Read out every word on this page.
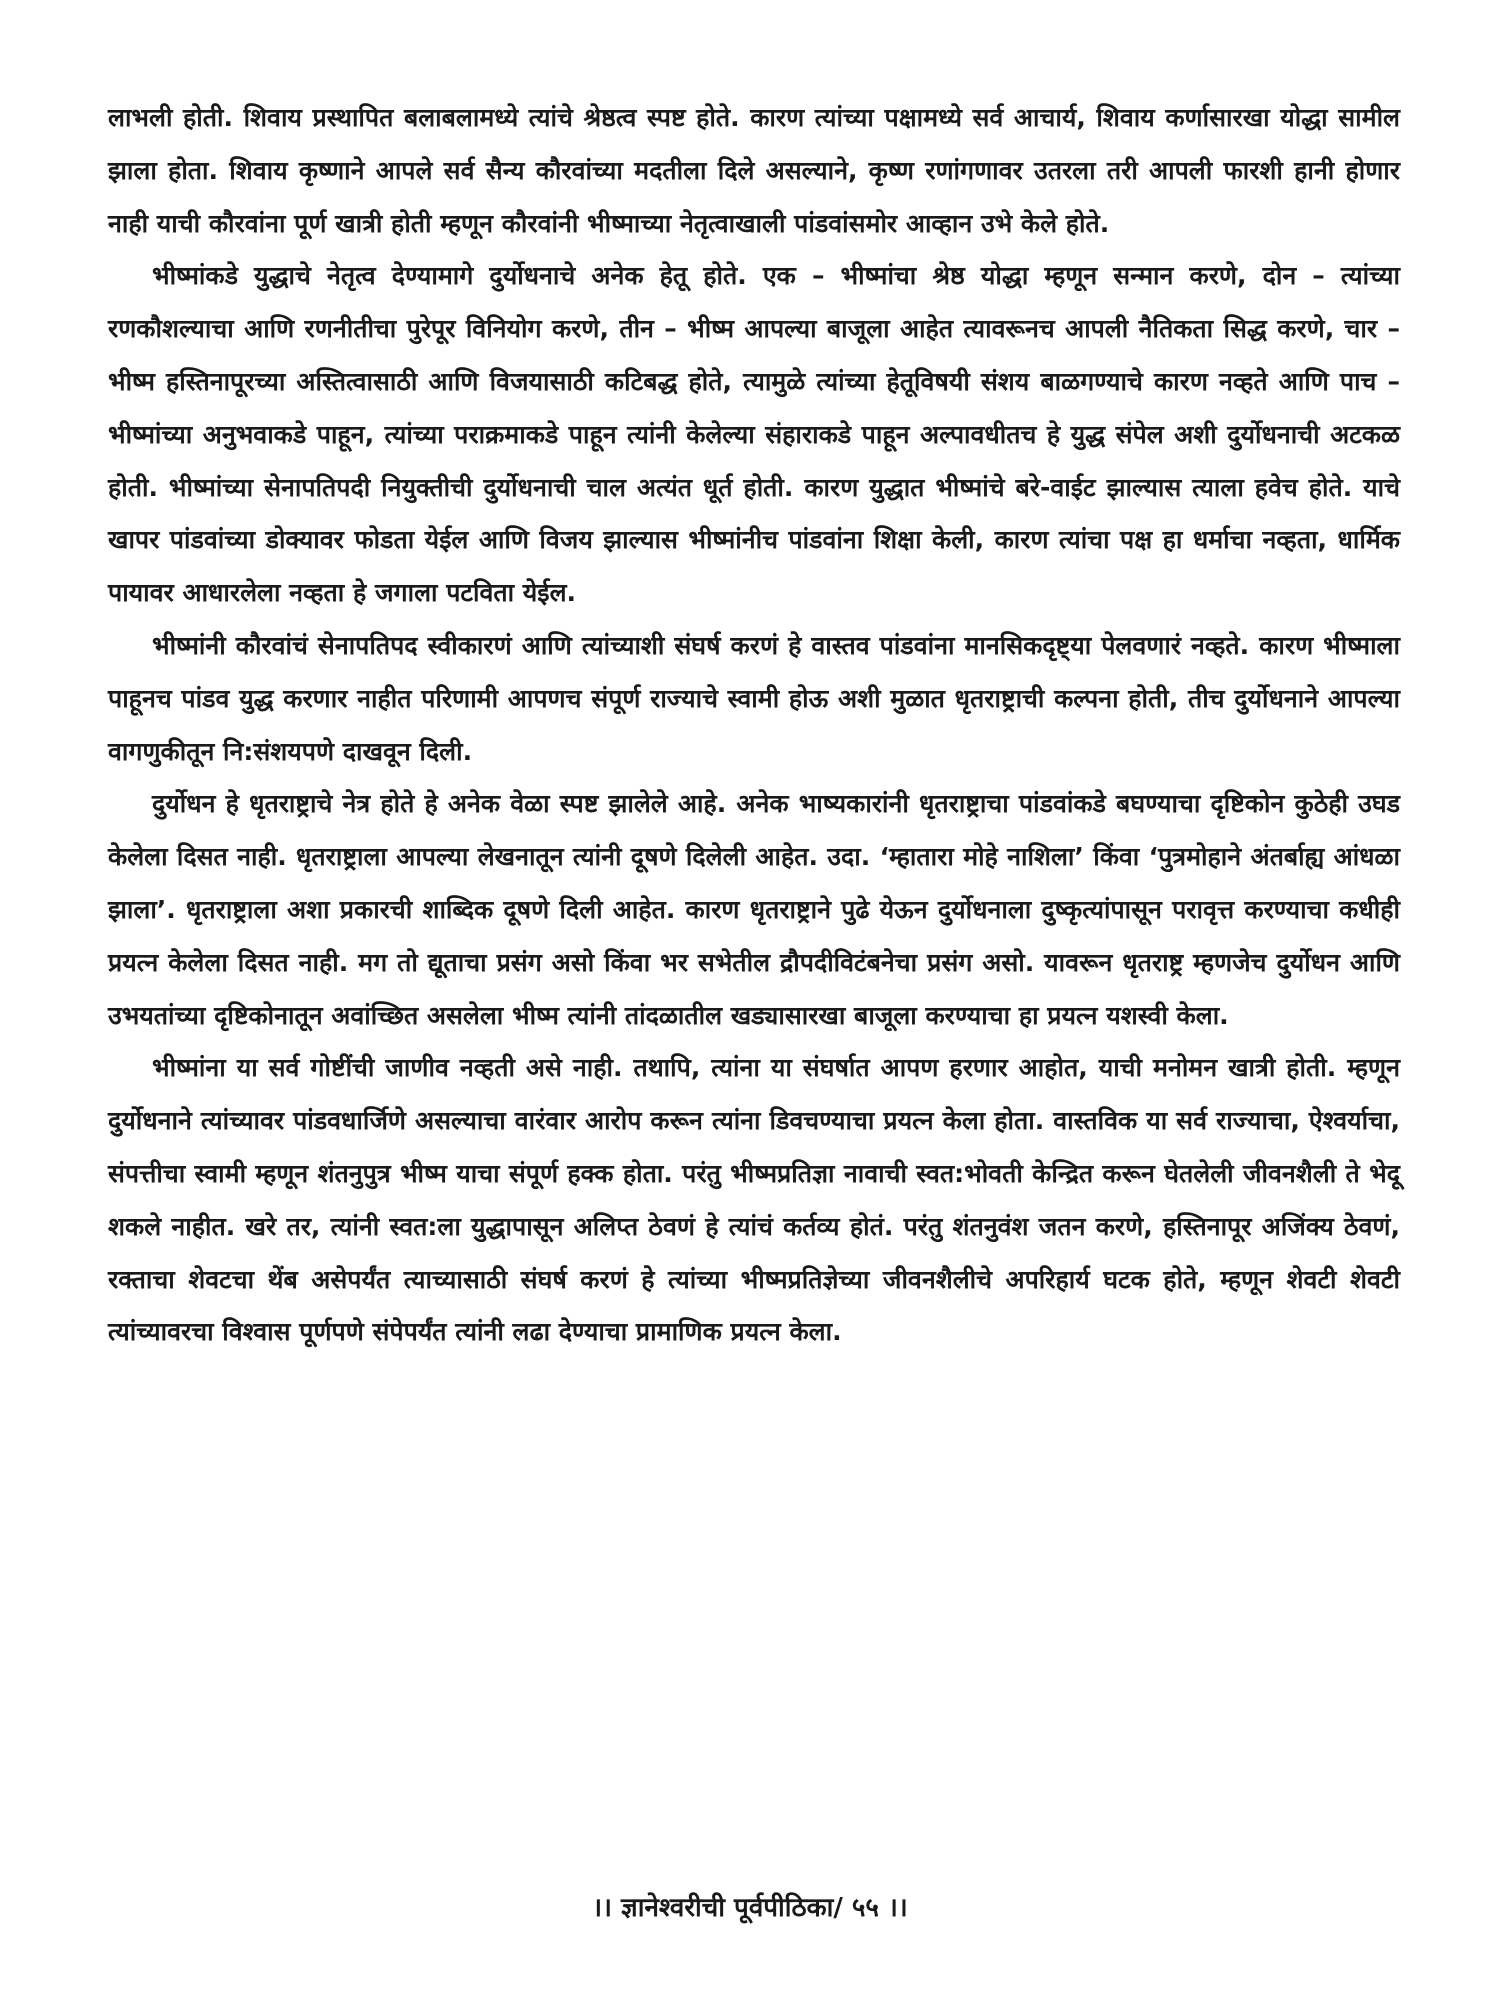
लाभली होती. शिवाय प्रस्थापित बलाबलामध्ये त्यांचे श्रेष्ठत्व स्पष्ट होते. कारण त्यांच्या पक्षामध्ये सर्व आचार्य, शिवाय कर्णासारखा योद्धा सामील झाला होता. शिवाय कृष्णाने आपले सर्व सैन्य कौरवांच्या मदतीला दिले असल्याने, कृष्ण रणांगणावर उतरला तरी आपली फारशी हानी होणार नाही याची कौरवांना पूर्ण खात्री होती म्हणून कौरवांनी भीष्माच्या नेतृत्वाखाली पांडवांसमोर आव्हान उभे केले होते.

भीष्मांकडे युद्धाचे नेतृत्व देण्यामागे दुर्योधनाचे अनेक हेतू होते. एक – भीष्मांचा श्रेष्ठ योद्धा म्हणून सन्मान करणे, दोन – त्यांच्या रणकौशल्याचा आणि रणनीतीचा पुरेपूर विनियोग करणे, तीन – भीष्म आपल्या बाजूला आहेत त्यावरूनच आपली नैतिकता सिद्ध करणे, चार – भीष्म हस्तिनापूरच्या अस्तित्वासाठी आणि विजयासाठी कटिबद्ध होते, त्यामुळे त्यांच्या हेतूविषयी संशय बाळगण्याचे कारण नव्हते आणि पाच – भीष्मांच्या अनुभवाकडे पाहून, त्यांच्या पराक्रमाकडे पाहून त्यांनी केलेल्या संहाराकडे पाहून अल्पावधीतच हे युद्ध संपेल अशी दुर्योधनाची अटकळ होती. भीष्मांच्या सेनापतिपदी नियुक्तीची दुर्योधनाची चाल अत्यंत धूर्त होती. कारण युद्धात भीष्मांचे बरे-वाईट झाल्यास त्याला हवेच होते. याचे खापर पांडवांच्या डोक्यावर फोडता येईल आणि विजय झाल्यास भीष्मांनीच पांडवांना शिक्षा केली, कारण त्यांचा पक्ष हा धर्माचा नव्हता, धार्मिक पायावर आधारलेला नव्हता हे जगाला पटविता येईल.

भीष्मांनी कौरवांचं सेनापतिपद स्वीकारणं आणि त्यांच्याशी संघर्ष करणं हे वास्तव पांडवांना मानसिकदृष्ट्या पेलवणारं नव्हते. कारण भीष्माला पाहूनच पांडव युद्ध करणार नाहीत परिणामी आपणच संपूर्ण राज्याचे स्वामी होऊ अशी मुळात धृतराष्ट्राची कल्पना होती, तीच दुर्योधनाने आपल्या वागणुकीतून नि:संशयपणे दाखवून दिली.

दुर्योधन हे धृतराष्ट्राचे नेत्र होते हे अनेक वेळा स्पष्ट झालेले आहे. अनेक भाष्यकारांनी धृतराष्ट्राचा पांडवांकडे बघण्याचा दृष्टिकोन कुठेही उघड केलेला दिसत नाही. धृतराष्ट्राला आपल्या लेखनातून त्यांनी दूषणे दिलेली आहेत. उदा. ‘म्हातारा मोहे नाशिला’ किंवा ‘पुत्रमोहाने अंतर्बाह्य आंधळा झाला’. धृतराष्ट्राला अशा प्रकारची शाब्दिक दूषणे दिली आहेत. कारण धृतराष्ट्राने पुढे येऊन दुर्योधनाला दुष्कृत्यांपासून परावृत्त करण्याचा कधीही प्रयत्न केलेला दिसत नाही. मग तो द्यूताचा प्रसंग असो किंवा भर सभेतील द्रौपदीविटंबनेचा प्रसंग असो. यावरून धृतराष्ट्र म्हणजेच दुर्योधन आणि उभयतांच्या दृष्टिकोनातून अवांच्छित असलेला भीष्म त्यांनी तांदळातील खड्यासारखा बाजूला करण्याचा हा प्रयत्न यशस्वी केला.

भीष्मांना या सर्व गोष्टींची जाणीव नव्हती असे नाही. तथापि, त्यांना या संघर्षात आपण हरणार आहोत, याची मनोमन खात्री होती. म्हणून दुर्योधनाने त्यांच्यावर पांडवधार्जिणे असल्याचा वारंवार आरोप करून त्यांना डिवचण्याचा प्रयत्न केला होता. वास्तविक या सर्व राज्याचा, ऐश्वर्याचा, संपत्तीचा स्वामी म्हणून शंतनुपुत्र भीष्म याचा संपूर्ण हक्क होता. परंतु भीष्मप्रतिज्ञा नावाची स्वत:भोवती केन्द्रित करून घेतलेली जीवनशैली ते भेदू शकले नाहीत. खरे तर, त्यांनी स्वत:ला युद्धापासून अलिप्त ठेवणं हे त्यांचं कर्तव्य होतं. परंतु शंतनुवंश जतन करणे, हस्तिनापूर अजिंक्य ठेवणं, रक्ताचा शेवटचा थेंब असेपर्यंत त्याच्यासाठी संघर्ष करणं हे त्यांच्या भीष्मप्रतिज्ञेच्या जीवनशैलीचे अपरिहार्य घटक होते, म्हणून शेवटी शेवटी त्यांच्यावरचा विश्वास पूर्णपणे संपेपर्यंत त्यांनी लढा देण्याचा प्रामाणिक प्रयत्न केला.

।। ज्ञानेश्वरीची पूर्वपीठिका/ ५५ ।।
